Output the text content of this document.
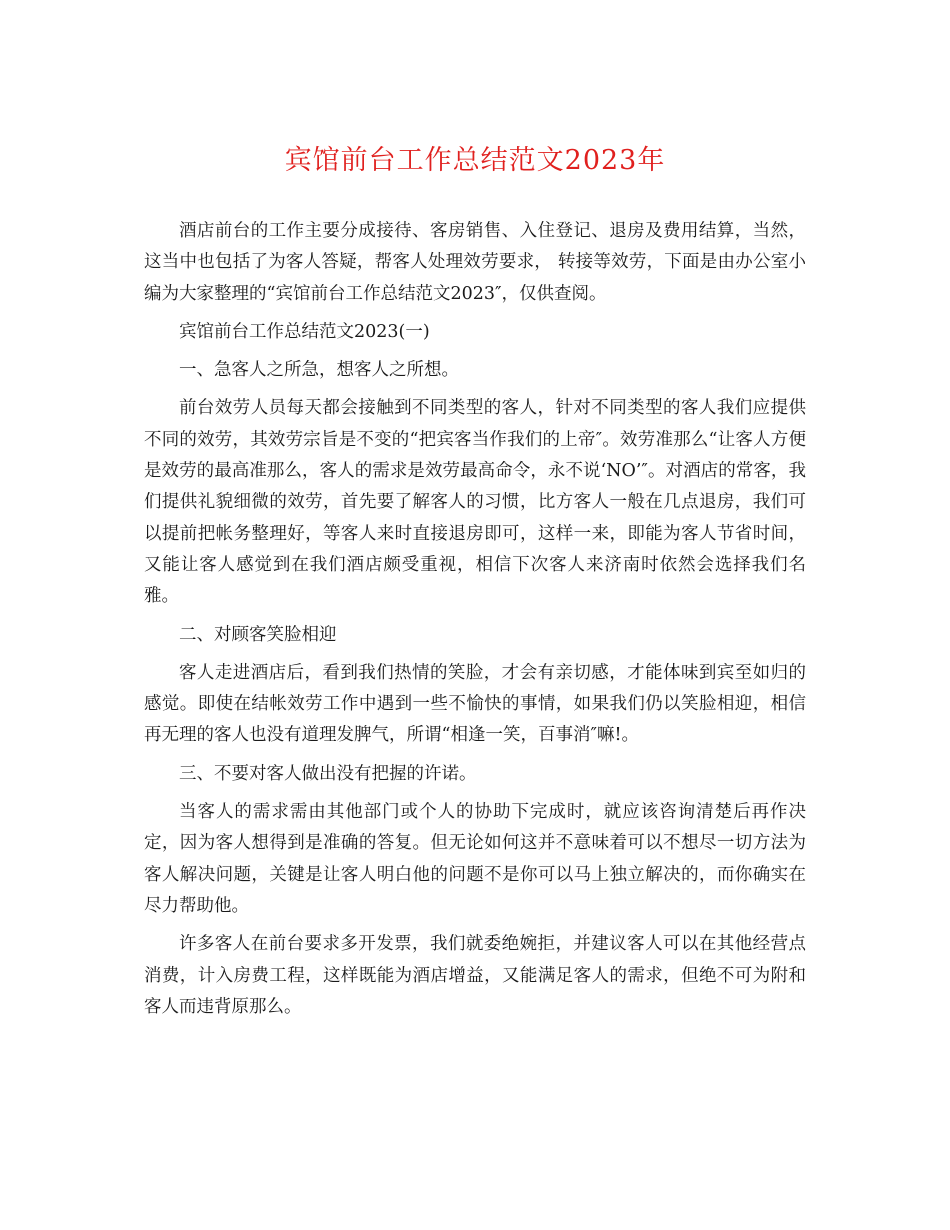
宾馆前台工作总结范文2023年

酒店前台的工作主要分成接待、客房销售、入住登记、退房及费用结算，当然，这当中也包括了为客人答疑，帮客人处理效劳要求， 转接等效劳，下面是由办公室小编为大家整理的“宾馆前台工作总结范文2023″，仅供查阅。

宾馆前台工作总结范文2023(一)

一、急客人之所急，想客人之所想。

前台效劳人员每天都会接触到不同类型的客人，针对不同类型的客人我们应提供不同的效劳，其效劳宗旨是不变的“把宾客当作我们的上帝″。效劳准那么“让客人方便是效劳的最高准那么，客人的需求是效劳最高命令，永不说‘NO’″。对酒店的常客，我们提供礼貌细微的效劳，首先要了解客人的习惯，比方客人一般在几点退房，我们可以提前把帐务整理好，等客人来时直接退房即可，这样一来，即能为客人节省时间，又能让客人感觉到在我们酒店颇受重视，相信下次客人来济南时依然会选择我们名雅。

二、对顾客笑脸相迎

客人走进酒店后，看到我们热情的笑脸，才会有亲切感，才能体味到宾至如归的感觉。即使在结帐效劳工作中遇到一些不愉快的事情，如果我们仍以笑脸相迎，相信再无理的客人也没有道理发脾气，所谓“相逢一笑，百事消″嘛!。

三、不要对客人做出没有把握的许诺。

当客人的需求需由其他部门或个人的协助下完成时，就应该咨询清楚后再作决定，因为客人想得到是准确的答复。但无论如何这并不意味着可以不想尽一切方法为客人解决问题，关键是让客人明白他的问题不是你可以马上独立解决的，而你确实在尽力帮助他。

许多客人在前台要求多开发票，我们就委绝婉拒，并建议客人可以在其他经营点消费，计入房费工程，这样既能为酒店增益，又能满足客人的需求，但绝不可为附和客人而违背原那么。
